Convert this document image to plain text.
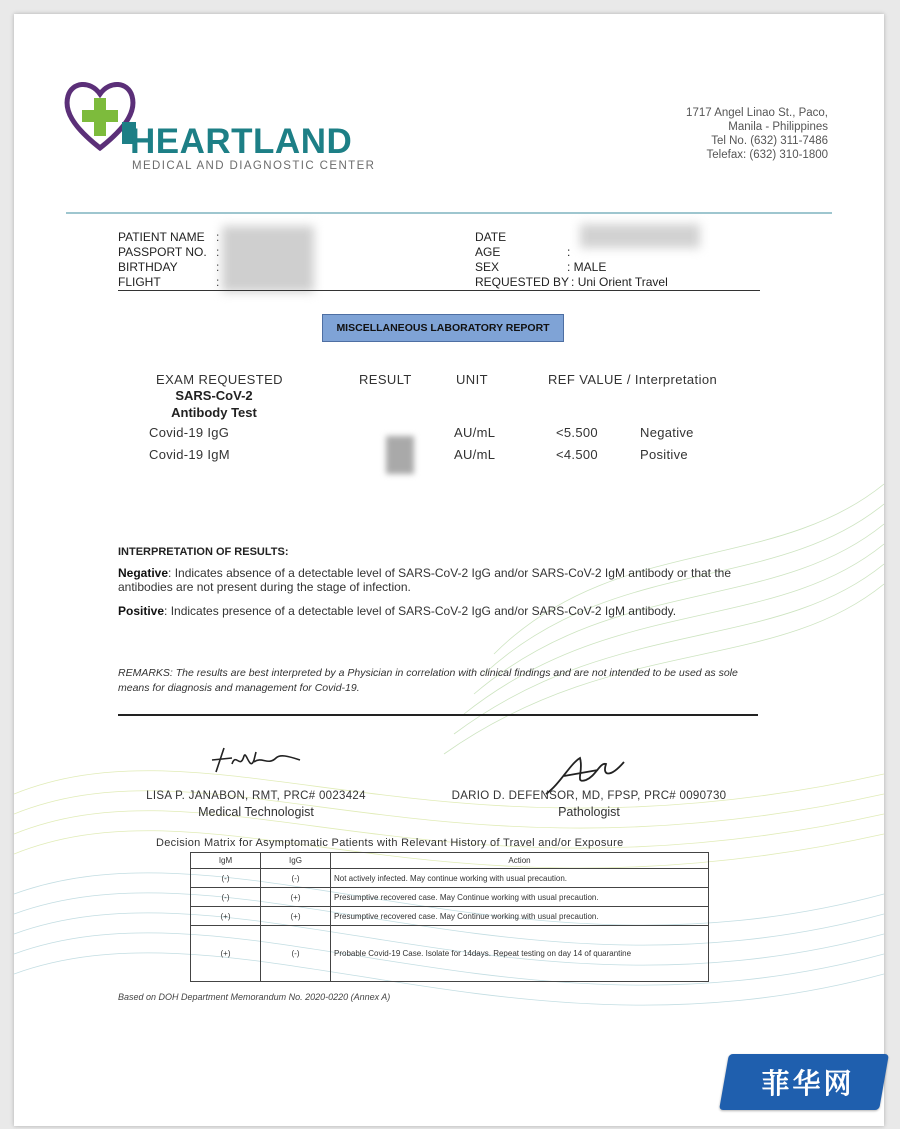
HEARTLAND
MEDICAL AND DIAGNOSTIC CENTER
1717 Angel Linao St., Paco,
Manila - Philippines
Tel No. (632) 311-7486
Telefax: (632) 310-1800
PATIENT NAME :
PASSPORT NO. :
BIRTHDAY	:
FLIGHT	:
DATE
AGE	:
SEX	: MALE
REQUESTED BY : Uni Orient Travel
MISCELLANEOUS LABORATORY REPORT
EXAM REQUESTED	RESULT	UNIT	REF VALUE / Interpretation
SARS-CoV-2
Antibody Test
Covid-19 IgG	AU/mL	<5.500	Negative
Covid-19 IgM	AU/mL	<4.500	Positive
INTERPRETATION OF RESULTS:
Negative: Indicates absence of a detectable level of SARS-CoV-2 IgG and/or SARS-CoV-2 IgM antibody or that the antibodies are not present during the stage of infection.
Positive: Indicates presence of a detectable level of SARS-CoV-2 IgG and/or SARS-CoV-2 IgM antibody.
REMARKS: The results are best interpreted by a Physician in correlation with clinical findings and are not intended to be used as sole means for diagnosis and management for Covid-19.
LISA P. JANABON, RMT, PRC# 0023424
Medical Technologist
DARIO D. DEFENSOR, MD, FPSP, PRC# 0090730
Pathologist
Decision Matrix for Asymptomatic Patients with Relevant History of Travel and/or Exposure
IgM	IgG	Action
(-)	(-)	Not actively infected. May continue working with usual precaution.
(-)	(+)	Presumptive recovered case. May Continue working with usual precaution.
(+)	(+)	Presumptive recovered case. May Continue working with usual precaution.
(+)	(-)	Probable Covid-19 Case. Isolate for 14days. Repeat testing on day 14 of quarantine
Based on DOH Department Memorandum No. 2020-0220 (Annex A)
菲华网
